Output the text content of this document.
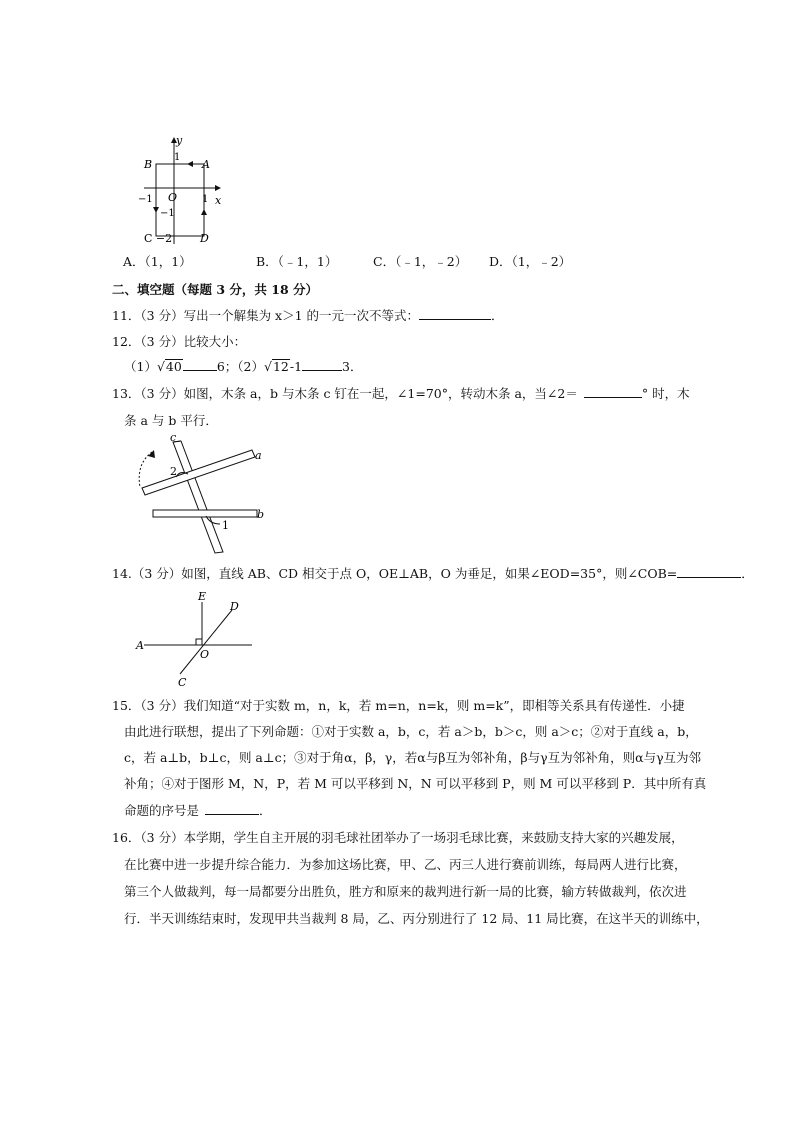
y
x
B	A
1
O
−1	1
−1
C −2	D
A．（1，1）	B．（﹣1，1）	C．（﹣1，﹣2） D．（1，﹣2）
二、填空题（每题 3 分，共 18 分）
11．（3 分）写出一个解集为 x＞1 的一元一次不等式：	．
12．（3 分）比较大小：
（1）√40	6；（2）√12-1	3．
13．（3 分）如图，木条 a，b 与木条 c 钉在一起，∠1=70°，转动木条 a，当∠2＝	° 时，木
条 a 与 b 平行．
c
a
b
2
1
14.（3 分）如图，直线 AB、CD 相交于点 O，OE⊥AB，O 为垂足，如果∠EOD=35°，则∠COB=	．
E
D
A
O
C
15．（3 分）我们知道“对于实数 m，n，k，若 m=n，n=k，则 m=k”，即相等关系具有传递性．小捷
由此进行联想，提出了下列命题：①对于实数 a，b，c，若 a＞b，b＞c，则 a＞c；②对于直线 a，b，
c，若 a⊥b，b⊥c，则 a⊥c；③对于角α，β，γ，若α与β互为邻补角，β与γ互为邻补角，则α与γ互为邻
补角；④对于图形 M，N，P，若 M 可以平移到 N，N 可以平移到 P，则 M 可以平移到 P．其中所有真
命题的序号是	．
16．（3 分）本学期，学生自主开展的羽毛球社团举办了一场羽毛球比赛，来鼓励支持大家的兴趣发展，
在比赛中进一步提升综合能力．为参加这场比赛，甲、乙、丙三人进行赛前训练，每局两人进行比赛，
第三个人做裁判，每一局都要分出胜负，胜方和原来的裁判进行新一局的比赛，输方转做裁判，依次进
行．半天训练结束时，发现甲共当裁判 8 局，乙、丙分别进行了 12 局、11 局比赛，在这半天的训练中，
